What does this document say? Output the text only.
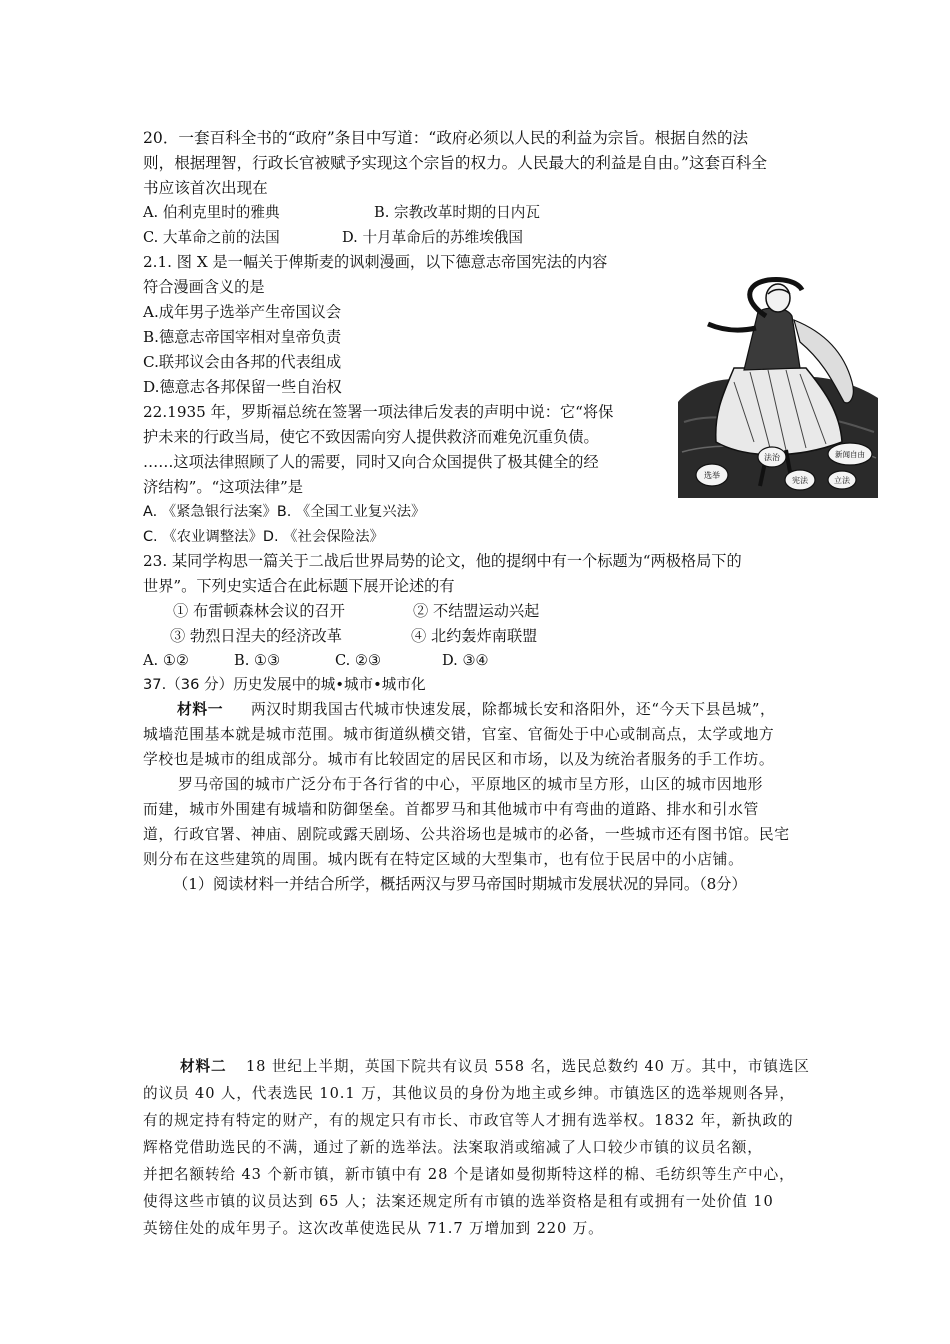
20．一套百科全书的“政府”条目中写道：“政府必须以人民的利益为宗旨。根据自然的法
则，根据理智，行政长官被赋予实现这个宗旨的权力。人民最大的利益是自由。”这套百科全
书应该首次出现在
A. 伯利克里时的雅典	B. 宗教改革时期的日内瓦
C. 大革命之前的法国	D. 十月革命后的苏维埃俄国
2.1. 图 X 是一幅关于俾斯麦的讽刺漫画，以下德意志帝国宪法的内容
符合漫画含义的是
A.成年男子选举产生帝国议会
B.德意志帝国宰相对皇帝负责
C.联邦议会由各邦的代表组成
D.德意志各邦保留一些自治权
选举
法治
宪法
新闻自由
立法
22.1935 年，罗斯福总统在签署一项法律后发表的声明中说：它“将保
护未来的行政当局，使它不致因需向穷人提供救济而难免沉重负债。
……这项法律照顾了人的需要，同时又向合众国提供了极其健全的经
济结构”。“这项法律”是
A. 《紧急银行法案》B. 《全国工业复兴法》
C. 《农业调整法》D. 《社会保险法》
23. 某同学构思一篇关于二战后世界局势的论文，他的提纲中有一个标题为“两极格局下的
世界”。下列史实适合在此标题下展开论述的有
① 布雷顿森林会议的召开	② 不结盟运动兴起
③ 勃烈日涅夫的经济改革	④ 北约轰炸南联盟
A. ①②	B. ①③	C. ②③	D. ③④
37.（36 分）历史发展中的城•城市•城市化
材料一 两汉时期我国古代城市快速发展，除都城长安和洛阳外，还“今天下县邑城”，
城墙范围基本就是城市范围。城市街道纵横交错，官室、官衙处于中心或制高点，太学或地方
学校也是城市的组成部分。城市有比较固定的居民区和市场，以及为统治者服务的手工作坊。
罗马帝国的城市广泛分布于各行省的中心，平原地区的城市呈方形，山区的城市因地形
而建，城市外围建有城墙和防御堡垒。首都罗马和其他城市中有弯曲的道路、排水和引水管
道，行政官署、神庙、剧院或露天剧场、公共浴场也是城市的必备，一些城市还有图书馆。民宅
则分布在这些建筑的周围。城内既有在特定区域的大型集市，也有位于民居中的小店铺。
（1）阅读材料一并结合所学，概括两汉与罗马帝国时期城市发展状况的异同。（8分）
材料二 18 世纪上半期，英国下院共有议员 558 名，选民总数约 40 万。其中，市镇选区
的议员 40 人，代表选民 10.1 万，其他议员的身份为地主或乡绅。市镇选区的选举规则各异，
有的规定持有特定的财产，有的规定只有市长、市政官等人才拥有选举权。1832 年，新执政的
辉格党借助选民的不满，通过了新的选举法。法案取消或缩减了人口较少市镇的议员名额，
并把名额转给 43 个新市镇，新市镇中有 28 个是诸如曼彻斯特这样的棉、毛纺织等生产中心，
使得这些市镇的议员达到 65 人；法案还规定所有市镇的选举资格是租有或拥有一处价值 10
英镑住处的成年男子。这次改革使选民从 71.7 万增加到 220 万。
